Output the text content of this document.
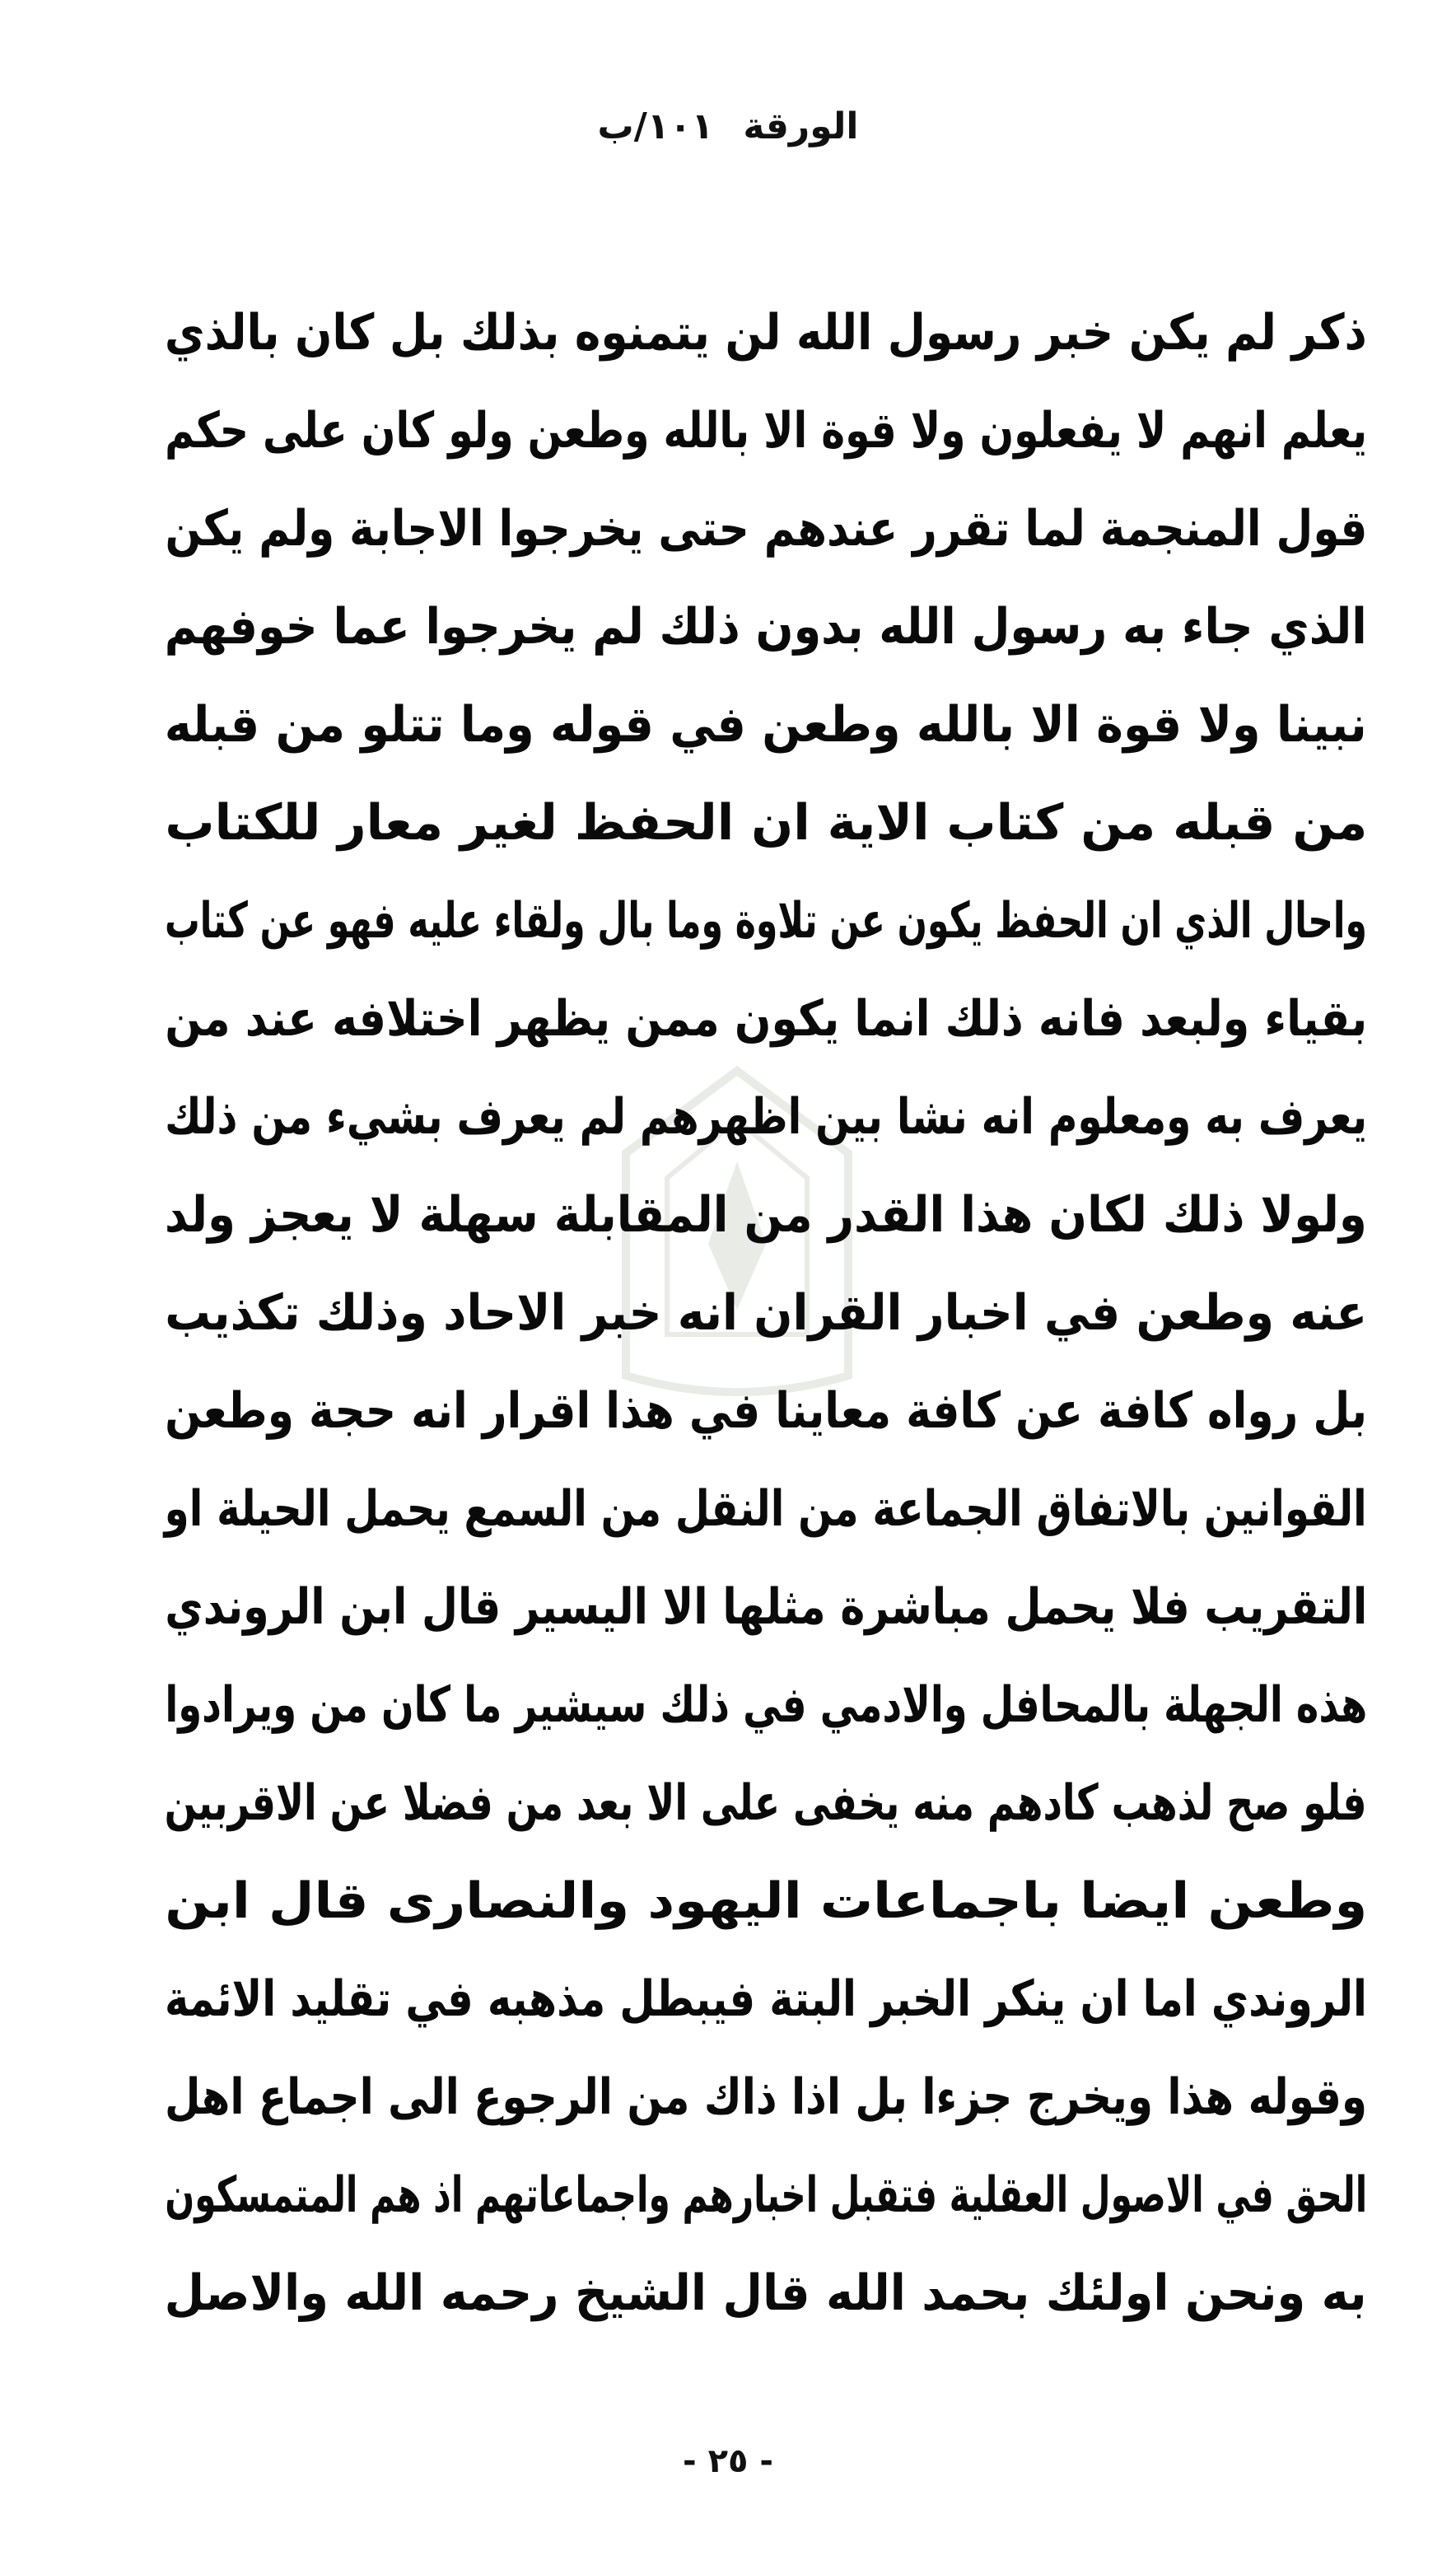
الورقة١٠١/ب
ذكر لم يكن خبر رسول الله لن يتمنوه بذلك بل كان بالذي
يعلم انهم لا يفعلون ولا قوة الا بالله وطعن ولو كان على حكم
قول المنجمة لما تقرر عندهم حتى يخرجوا الاجابة ولم يكن
الذي جاء به رسول الله بدون ذلك لم يخرجوا عما خوفهم
نبينا ولا قوة الا بالله وطعن في قوله وما تتلو من قبله
من قبله من كتاب الاية ان الحفظ لغير معار للكتاب
واحال الذي ان الحفظ يكون عن تلاوة وما بال ولقاء عليه فهو عن كتاب
بقياء ولبعد فانه ذلك انما يكون ممن يظهر اختلافه عند من
يعرف به ومعلوم انه نشا بين اظهرهم لم يعرف بشيء من ذلك
ولولا ذلك لكان هذا القدر من المقابلة سهلة لا يعجز ولد
عنه وطعن في اخبار القران انه خبر الاحاد وذلك تكذيب
بل رواه كافة عن كافة معاينا في هذا اقرار انه حجة وطعن
القوانين بالاتفاق الجماعة من النقل من السمع يحمل الحيلة او
التقريب فلا يحمل مباشرة مثلها الا اليسير قال ابن الروندي
هذه الجهلة بالمحافل والادمي في ذلك سيشير ما كان من ويرادوا
فلو صح لذهب كادهم منه يخفى على الا بعد من فضلا عن الاقربين
وطعن ايضا باجماعات اليهود والنصارى قال ابن
الروندي اما ان ينكر الخبر البتة فيبطل مذهبه في تقليد الائمة
وقوله هذا ويخرج جزءا بل اذا ذاك من الرجوع الى اجماع اهل
الحق في الاصول العقلية فتقبل اخبارهم واجماعاتهم اذ هم المتمسكون
به ونحن اولئك بحمد الله قال الشيخ رحمه الله والاصل
- ٢٥ -
